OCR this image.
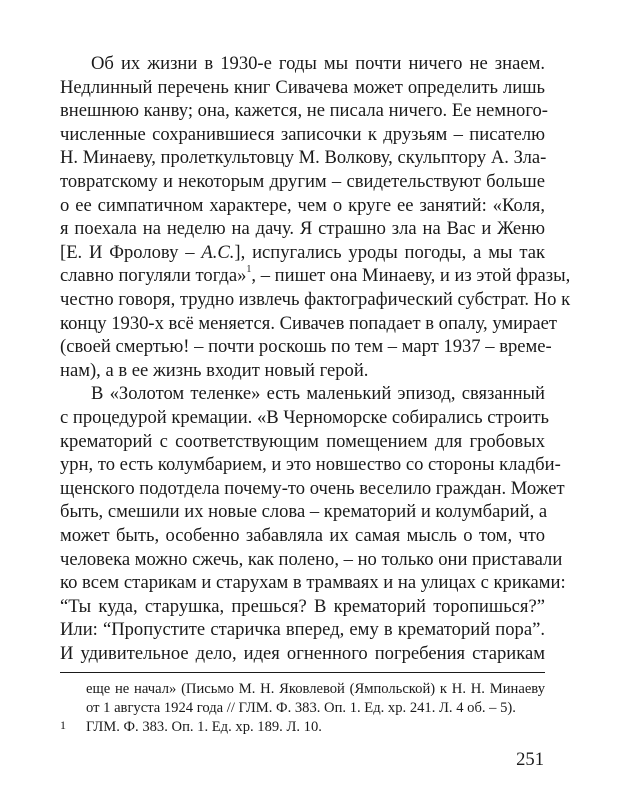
Об их жизни в 1930-е годы мы почти ничего не знаем.
Недлинный перечень книг Сивачева может определить лишь
внешнюю канву; она, кажется, не писала ничего. Ее немного-
численные сохранившиеся записочки к друзьям – писателю
Н. Минаеву, пролеткультовцу М. Волкову, скульптору А. Зла-
товратскому и некоторым другим – свидетельствуют больше
о ее симпатичном характере, чем о круге ее занятий: «Коля,
я поехала на неделю на дачу. Я страшно зла на Вас и Женю
[Е. И Фролову – А.С.], испугались уроды погоды, а мы так
славно погуляли тогда»$^1$, – пишет она Минаеву, и из этой фразы,
честно говоря, трудно извлечь фактографический субстрат. Но к
концу 1930-х всё меняется. Сивачев попадает в опалу, умирает
(своей смертью! – почти роскошь по тем – март 1937 – време-
нам), а в ее жизнь входит новый герой.
В «Золотом теленке» есть маленький эпизод, связанный
с процедурой кремации. «В Черноморске собирались строить
крематорий с соответствующим помещением для гробовых
урн, то есть колумбарием, и это новшество со стороны кладби-
щенского подотдела почему-то очень веселило граждан. Может
быть, смешили их новые слова – крематорий и колумбарий, а
может быть, особенно забавляла их самая мысль о том, что
человека можно сжечь, как полено, – но только они приставали
ко всем старикам и старухам в трамваях и на улицах с криками:
“Ты куда, старушка, прешься? В крематорий торопишься?”
Или: “Пропустите старичка вперед, ему в крематорий пора”.
И удивительное дело, идея огненного погребения старикам
еще не начал» (Письмо М. Н. Яковлевой (Ямпольской) к Н. Н. Минаеву
от 1 августа 1924 года // ГЛМ. Ф. 383. Оп. 1. Ед. хр. 241. Л. 4 об. – 5).
1 ГЛМ. Ф. 383. Оп. 1. Ед. хр. 189. Л. 10.
251
